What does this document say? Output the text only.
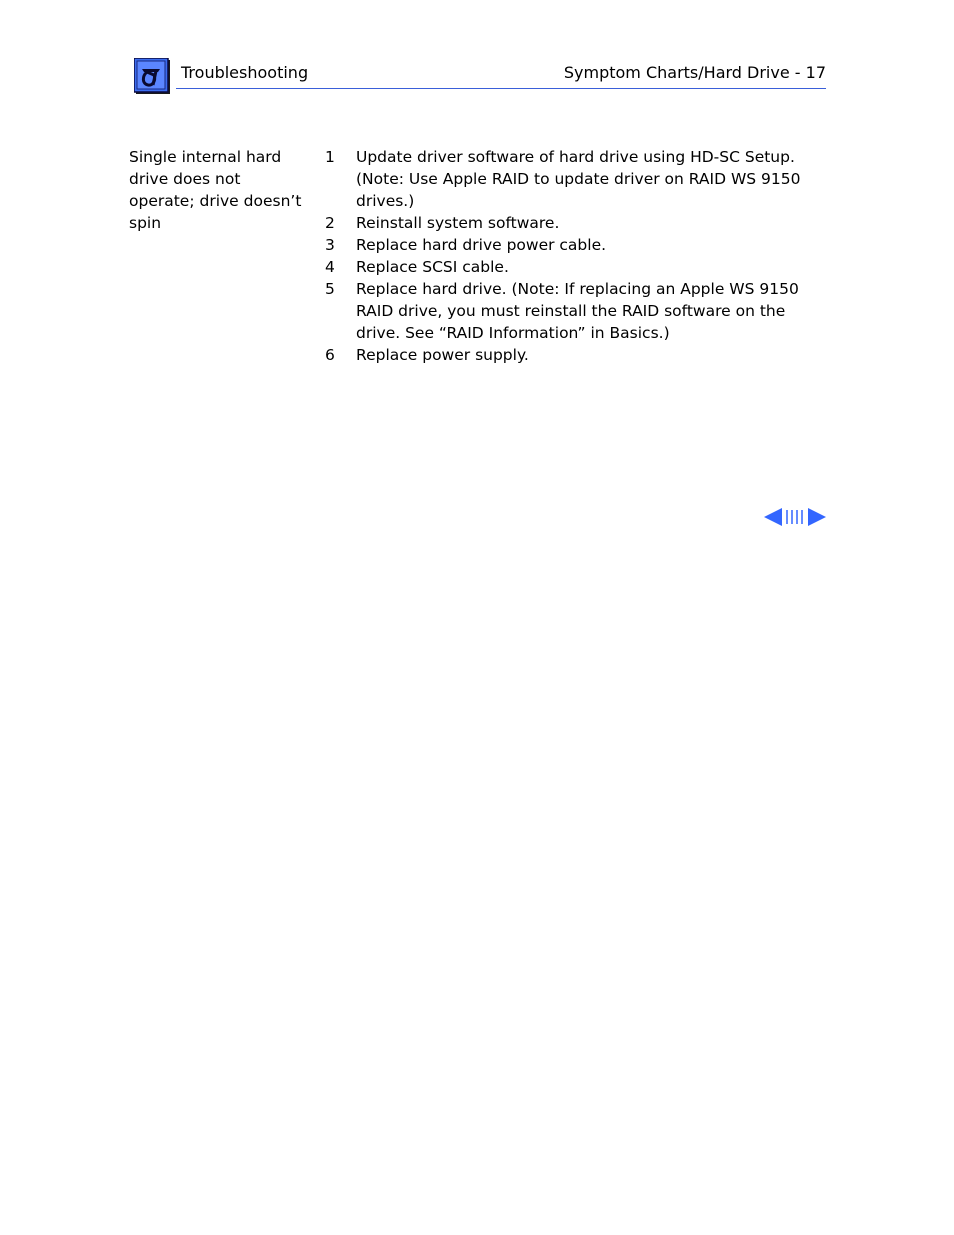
Troubleshooting	Symptom Charts/Hard Drive - 17
Single internal hard drive does not operate; drive doesn’t spin
1	Update driver software of hard drive using HD-SC Setup. (Note: Use Apple RAID to update driver on RAID WS 9150 drives.)
2	Reinstall system software.
3	Replace hard drive power cable.
4	Replace SCSI cable.
5	Replace hard drive. (Note: If replacing an Apple WS 9150 RAID drive, you must reinstall the RAID software on the drive. See “RAID Information” in Basics.)
6	Replace power supply.
